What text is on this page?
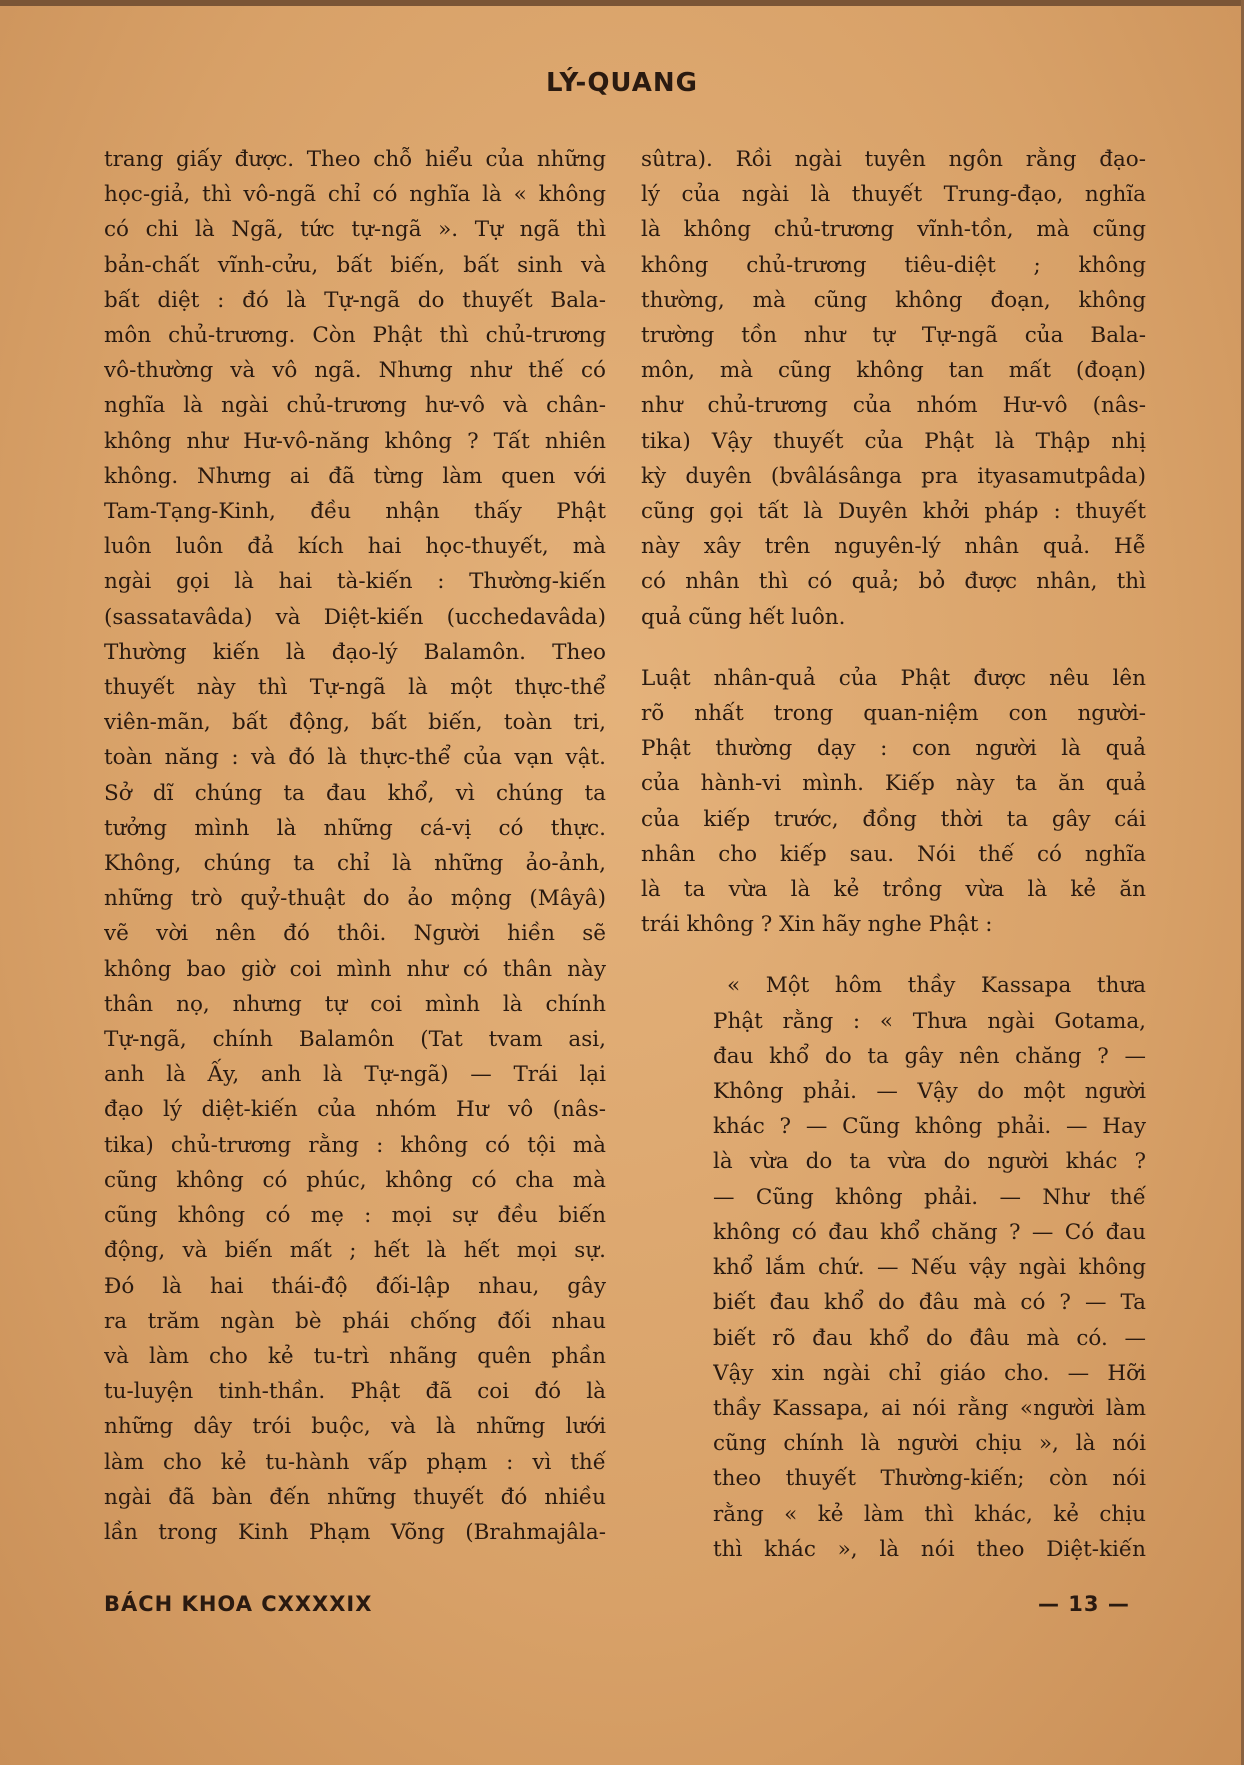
LÝ-QUANG
trang giấy được. Theo chỗ hiểu của những
học-giả, thì vô-ngã chỉ có nghĩa là « không
có chi là Ngã, tức tự-ngã ». Tự ngã thì
bản-chất vĩnh-cửu, bất biến, bất sinh và
bất diệt : đó là Tự-ngã do thuyết Bala-
môn chủ-trương. Còn Phật thì chủ-trương
vô-thường và vô ngã. Nhưng như thế có
nghĩa là ngài chủ-trương hư-vô và chân-
không như Hư-vô-năng không ? Tất nhiên
không. Nhưng ai đã từng làm quen với
Tam-Tạng-Kinh, đều nhận thấy Phật
luôn luôn đả kích hai học-thuyết, mà
ngài gọi là hai tà-kiến : Thường-kiến
(sassatavâda) và Diệt-kiến (ucchedavâda)
Thường kiến là đạo-lý Balamôn. Theo
thuyết này thì Tự-ngã là một thực-thể
viên-mãn, bất động, bất biến, toàn tri,
toàn năng : và đó là thực-thể của vạn vật.
Sở dĩ chúng ta đau khổ, vì chúng ta
tưởng mình là những cá-vị có thực.
Không, chúng ta chỉ là những ảo-ảnh,
những trò quỷ-thuật do ảo mộng (Mâyâ)
vẽ vời nên đó thôi. Người hiền sẽ
không bao giờ coi mình như có thân này
thân nọ, nhưng tự coi mình là chính
Tự-ngã, chính Balamôn (Tat tvam asi,
anh là Ấy, anh là Tự-ngã) — Trái lại
đạo lý diệt-kiến của nhóm Hư vô (nâs-
tika) chủ-trương rằng : không có tội mà
cũng không có phúc, không có cha mà
cũng không có mẹ : mọi sự đều biến
động, và biến mất ; hết là hết mọi sự.
Đó là hai thái-độ đối-lập nhau, gây
ra trăm ngàn bè phái chống đối nhau
và làm cho kẻ tu-trì nhãng quên phần
tu-luyện tinh-thần. Phật đã coi đó là
những dây trói buộc, và là những lưới
làm cho kẻ tu-hành vấp phạm : vì thế
ngài đã bàn đến những thuyết đó nhiều
lần trong Kinh Phạm Võng (Brahmajâla-
sûtra). Rồi ngài tuyên ngôn rằng đạo-
lý của ngài là thuyết Trung-đạo, nghĩa
là không chủ-trương vĩnh-tồn, mà cũng
không chủ-trương tiêu-diệt ; không
thường, mà cũng không đoạn, không
trường tồn như tự Tự-ngã của Bala-
môn, mà cũng không tan mất (đoạn)
như chủ-trương của nhóm Hư-vô (nâs-
tika) Vậy thuyết của Phật là Thập nhị
kỳ duyên (bvâlásânga pra ityasamutpâda)
cũng gọi tất là Duyên khởi pháp : thuyết
này xây trên nguyên-lý nhân quả. Hễ
có nhân thì có quả; bỏ được nhân, thì
quả cũng hết luôn.
Luật nhân-quả của Phật được nêu lên
rõ nhất trong quan-niệm con người-
Phật thường dạy : con người là quả
của hành-vi mình. Kiếp này ta ăn quả
của kiếp trước, đồng thời ta gây cái
nhân cho kiếp sau. Nói thế có nghĩa
là ta vừa là kẻ trồng vừa là kẻ ăn
trái không ? Xin hãy nghe Phật :
« Một hôm thầy Kassapa thưa
Phật rằng : « Thưa ngài Gotama,
đau khổ do ta gây nên chăng ? —
Không phải. — Vậy do một người
khác ? — Cũng không phải. — Hay
là vừa do ta vừa do người khác ?
— Cũng không phải. — Như thế
không có đau khổ chăng ? — Có đau
khổ lắm chứ. — Nếu vậy ngài không
biết đau khổ do đâu mà có ? — Ta
biết rõ đau khổ do đâu mà có. —
Vậy xin ngài chỉ giáo cho. — Hỡi
thầy Kassapa, ai nói rằng «người làm
cũng chính là người chịu », là nói
theo thuyết Thường-kiến; còn nói
rằng « kẻ làm thì khác, kẻ chịu
thì khác », là nói theo Diệt-kiến
BÁCH KHOA CXXXXIX	— 13 —
